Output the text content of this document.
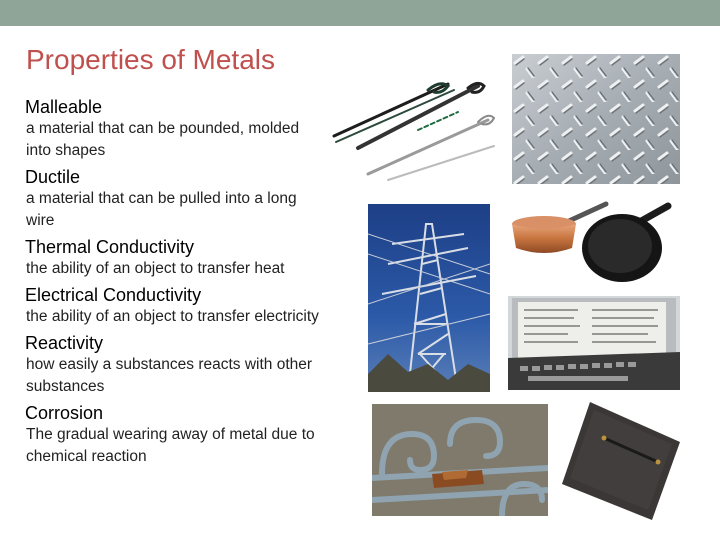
Properties of Metals
Malleable
a material that can be pounded, molded into shapes
Ductile
a material that can be pulled into a long wire
Thermal Conductivity
the ability of an object to transfer heat
Electrical Conductivity
the ability of an object to transfer electricity
Reactivity
how easily a substances reacts with other substances
Corrosion
The gradual wearing away of metal due to chemical reaction
